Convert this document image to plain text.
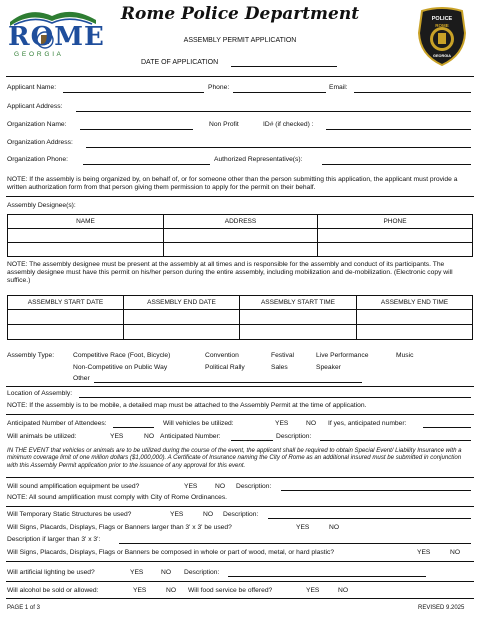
ROME
G E O R G I A
Rome Police Department
ASSEMBLY PERMIT APPLICATION
DATE OF APPLICATION
POLICE
ROME
GEORGIA
Applicant Name:	Phone:	Email:
Applicant Address:
Organization Name:	Non Profit	ID# (if checked) :
Organization Address:
Organization Phone:	Authorized Representative(s):
NOTE: If the assembly is being organized by, on behalf of, or for someone other than the person submitting this application, the applicant must provide a written authorization form from that person giving them permission to apply for the permit on their behalf.
Assembly Designee(s):
NAME	ADDRESS	PHONE

NOTE: The assembly designee must be present at the assembly at all times and is responsible for the assembly and conduct of its participants. The assembly designee must have this permit on his/her person during the entire assembly, including mobilization and de-mobilization. (Electronic copy will suffice.)
ASSEMBLY START DATE	ASSEMBLY END DATE	ASSEMBLY START TIME	ASSEMBLY END TIME

Assembly Type:	Competitive Race (Foot, Bicycle)	Convention	Festival	Live Performance	Music
Non-Competitive on Public Way	Political Rally	Sales	Speaker
Other
Location of Assembly:
NOTE: If the assembly is to be mobile, a detailed map must be attached to the Assembly Permit at the time of application.
Anticipated Number of Attendees:	Will vehicles be utilized:	YES	NO If yes, anticipated number:
Will animals be utilized:	YES	NO Anticipated Number:	Description:
IN THE EVENT that vehicles or animals are to be utilized during the course of the event, the applicant shall be required to obtain Special Event/ Liability Insurance with a minimum coverage limit of one million dollars ($1,000,000). A Certificate of Insurance naming the City of Rome as an additional insured must be submitted in conjunction with this Assembly Permit application prior to the issuance of any approval for this event.
Will sound amplification equipment be used?	YES	NO Description:
NOTE: All sound amplification must comply with City of Rome Ordinances.
Will Temporary Static Structures be used?	YES	NO Description:
Will Signs, Placards, Displays, Flags or Banners larger than 3' x 3' be used?	YES	NO
Description if larger than 3' x 3':
Will Signs, Placards, Displays, Flags or Banners be composed in whole or part of wood, metal, or hard plastic?	YES	NO
Will artificial lighting be used?	YES	NO Description:
Will alcohol be sold or allowed:	YES	NO Will food service be offered?	YES	NO
PAGE 1 of 3	REVISED 9.2025
